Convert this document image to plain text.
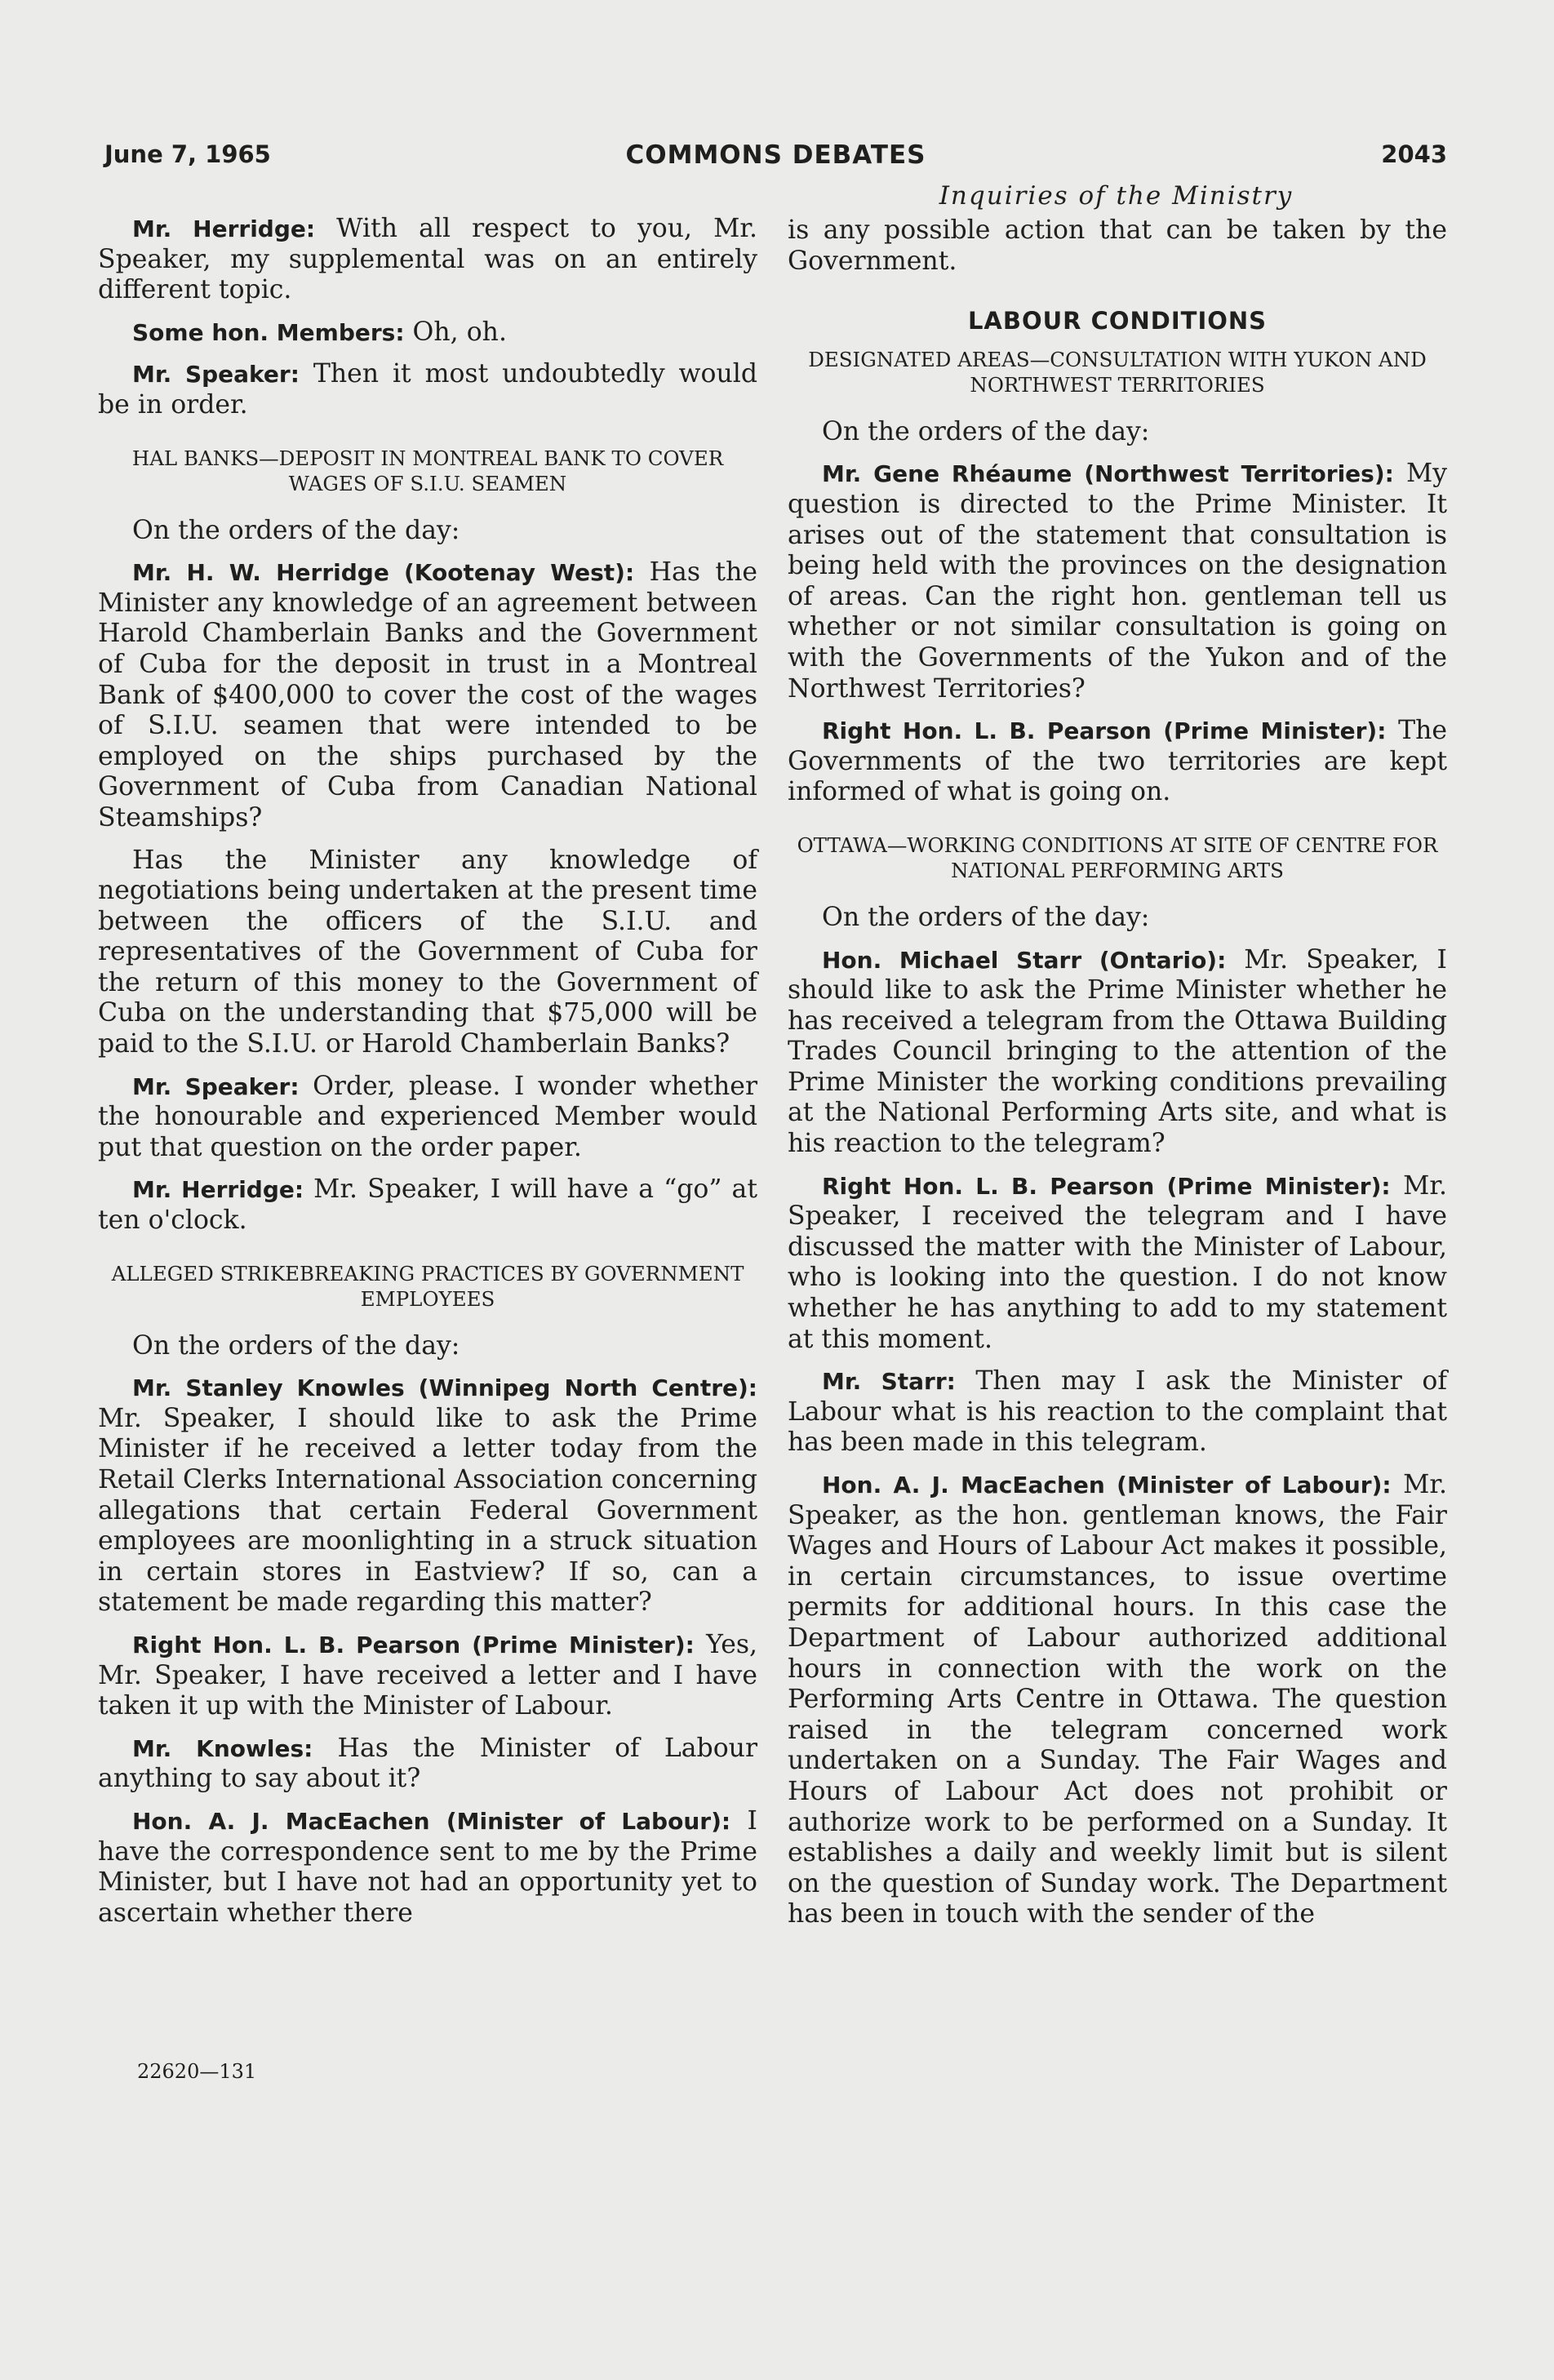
June 7, 1965	COMMONS DEBATES	2043
Inquiries of the Ministry

Mr. Herridge: With all respect to you, Mr. Speaker, my supplemental was on an entirely different topic.

Some hon. Members: Oh, oh.

Mr. Speaker: Then it most undoubtedly would be in order.

HAL BANKS—DEPOSIT IN MONTREAL BANK TO COVER WAGES OF S.I.U. SEAMEN

On the orders of the day:

Mr. H. W. Herridge (Kootenay West): Has the Minister any knowledge of an agreement between Harold Chamberlain Banks and the Government of Cuba for the deposit in trust in a Montreal Bank of $400,000 to cover the cost of the wages of S.I.U. seamen that were intended to be employed on the ships purchased by the Government of Cuba from Canadian National Steamships?

Has the Minister any knowledge of negotiations being undertaken at the present time between the officers of the S.I.U. and representatives of the Government of Cuba for the return of this money to the Government of Cuba on the understanding that $75,000 will be paid to the S.I.U. or Harold Chamberlain Banks?

Mr. Speaker: Order, please. I wonder whether the honourable and experienced Member would put that question on the order paper.

Mr. Herridge: Mr. Speaker, I will have a “go” at ten o'clock.

ALLEGED STRIKEBREAKING PRACTICES BY GOVERNMENT EMPLOYEES

On the orders of the day:

Mr. Stanley Knowles (Winnipeg North Centre): Mr. Speaker, I should like to ask the Prime Minister if he received a letter today from the Retail Clerks International Association concerning allegations that certain Federal Government employees are moonlighting in a struck situation in certain stores in Eastview? If so, can a statement be made regarding this matter?

Right Hon. L. B. Pearson (Prime Minister): Yes, Mr. Speaker, I have received a letter and I have taken it up with the Minister of Labour.

Mr. Knowles: Has the Minister of Labour anything to say about it?

Hon. A. J. MacEachen (Minister of Labour): I have the correspondence sent to me by the Prime Minister, but I have not had an opportunity yet to ascertain whether there

is any possible action that can be taken by the Government.

LABOUR CONDITIONS
DESIGNATED AREAS—CONSULTATION WITH YUKON AND NORTHWEST TERRITORIES

On the orders of the day:

Mr. Gene Rhéaume (Northwest Territories): My question is directed to the Prime Minister. It arises out of the statement that consultation is being held with the provinces on the designation of areas. Can the right hon. gentleman tell us whether or not similar consultation is going on with the Governments of the Yukon and of the Northwest Territories?

Right Hon. L. B. Pearson (Prime Minister): The Governments of the two territories are kept informed of what is going on.

OTTAWA—WORKING CONDITIONS AT SITE OF CENTRE FOR NATIONAL PERFORMING ARTS

On the orders of the day:

Hon. Michael Starr (Ontario): Mr. Speaker, I should like to ask the Prime Minister whether he has received a telegram from the Ottawa Building Trades Council bringing to the attention of the Prime Minister the working conditions prevailing at the National Performing Arts site, and what is his reaction to the telegram?

Right Hon. L. B. Pearson (Prime Minister): Mr. Speaker, I received the telegram and I have discussed the matter with the Minister of Labour, who is looking into the question. I do not know whether he has anything to add to my statement at this moment.

Mr. Starr: Then may I ask the Minister of Labour what is his reaction to the complaint that has been made in this telegram.

Hon. A. J. MacEachen (Minister of Labour): Mr. Speaker, as the hon. gentleman knows, the Fair Wages and Hours of Labour Act makes it possible, in certain circumstances, to issue overtime permits for additional hours. In this case the Department of Labour authorized additional hours in connection with the work on the Performing Arts Centre in Ottawa. The question raised in the telegram concerned work undertaken on a Sunday. The Fair Wages and Hours of Labour Act does not prohibit or authorize work to be performed on a Sunday. It establishes a daily and weekly limit but is silent on the question of Sunday work. The Department has been in touch with the sender of the

22620—131
